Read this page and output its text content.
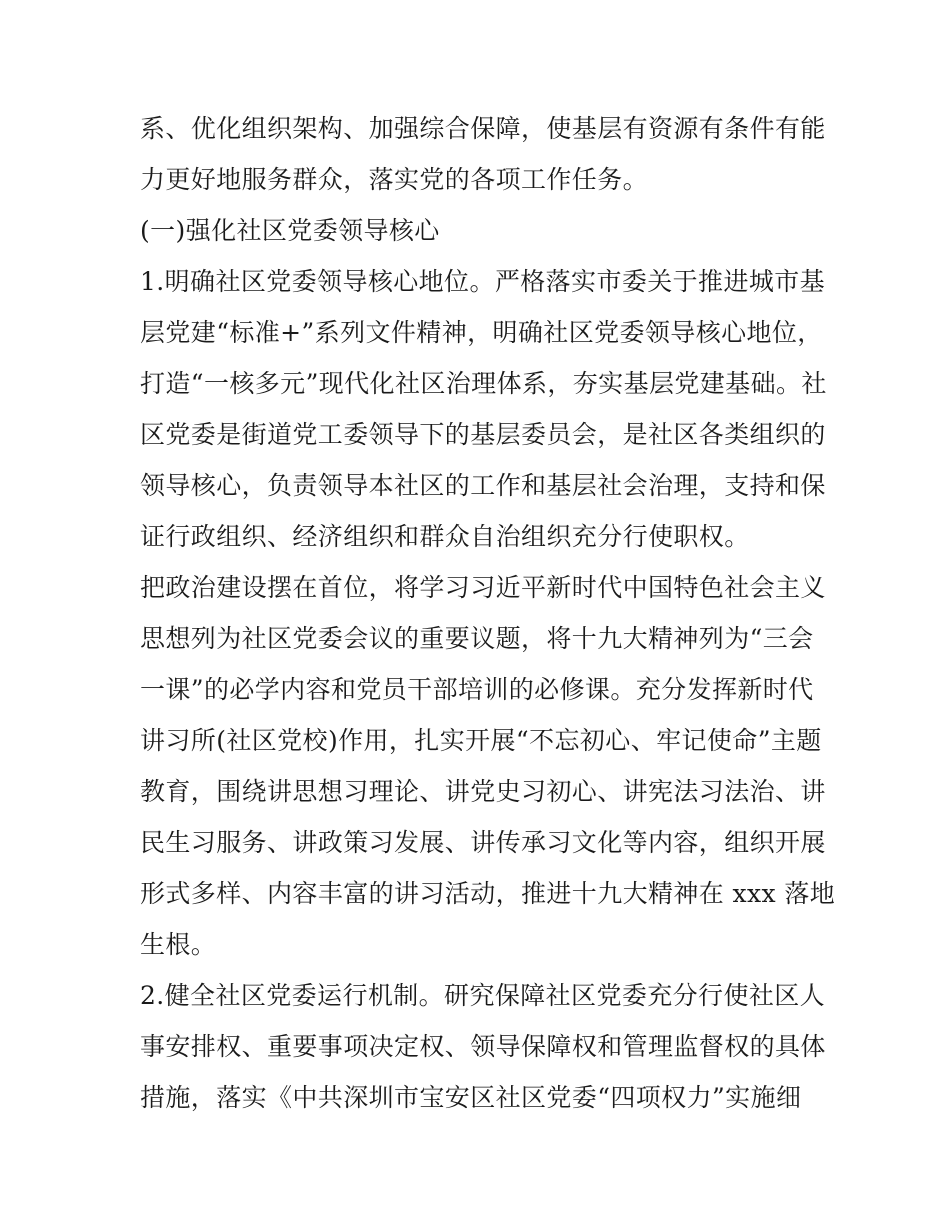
系、优化组织架构、加强综合保障，使基层有资源有条件有能
力更好地服务群众，落实党的各项工作任务。
(一)强化社区党委领导核心
1.明确社区党委领导核心地位。严格落实市委关于推进城市基
层党建“标准+”系列文件精神，明确社区党委领导核心地位，
打造“一核多元”现代化社区治理体系，夯实基层党建基础。社
区党委是街道党工委领导下的基层委员会，是社区各类组织的
领导核心，负责领导本社区的工作和基层社会治理，支持和保
证行政组织、经济组织和群众自治组织充分行使职权。
把政治建设摆在首位，将学习习近平新时代中国特色社会主义
思想列为社区党委会议的重要议题，将十九大精神列为“三会
一课”的必学内容和党员干部培训的必修课。充分发挥新时代
讲习所(社区党校)作用，扎实开展“不忘初心、牢记使命”主题
教育，围绕讲思想习理论、讲党史习初心、讲宪法习法治、讲
民生习服务、讲政策习发展、讲传承习文化等内容，组织开展
形式多样、内容丰富的讲习活动，推进十九大精神在 xxx 落地
生根。
2.健全社区党委运行机制。研究保障社区党委充分行使社区人
事安排权、重要事项决定权、领导保障权和管理监督权的具体
措施，落实《中共深圳市宝安区社区党委“四项权力”实施细
